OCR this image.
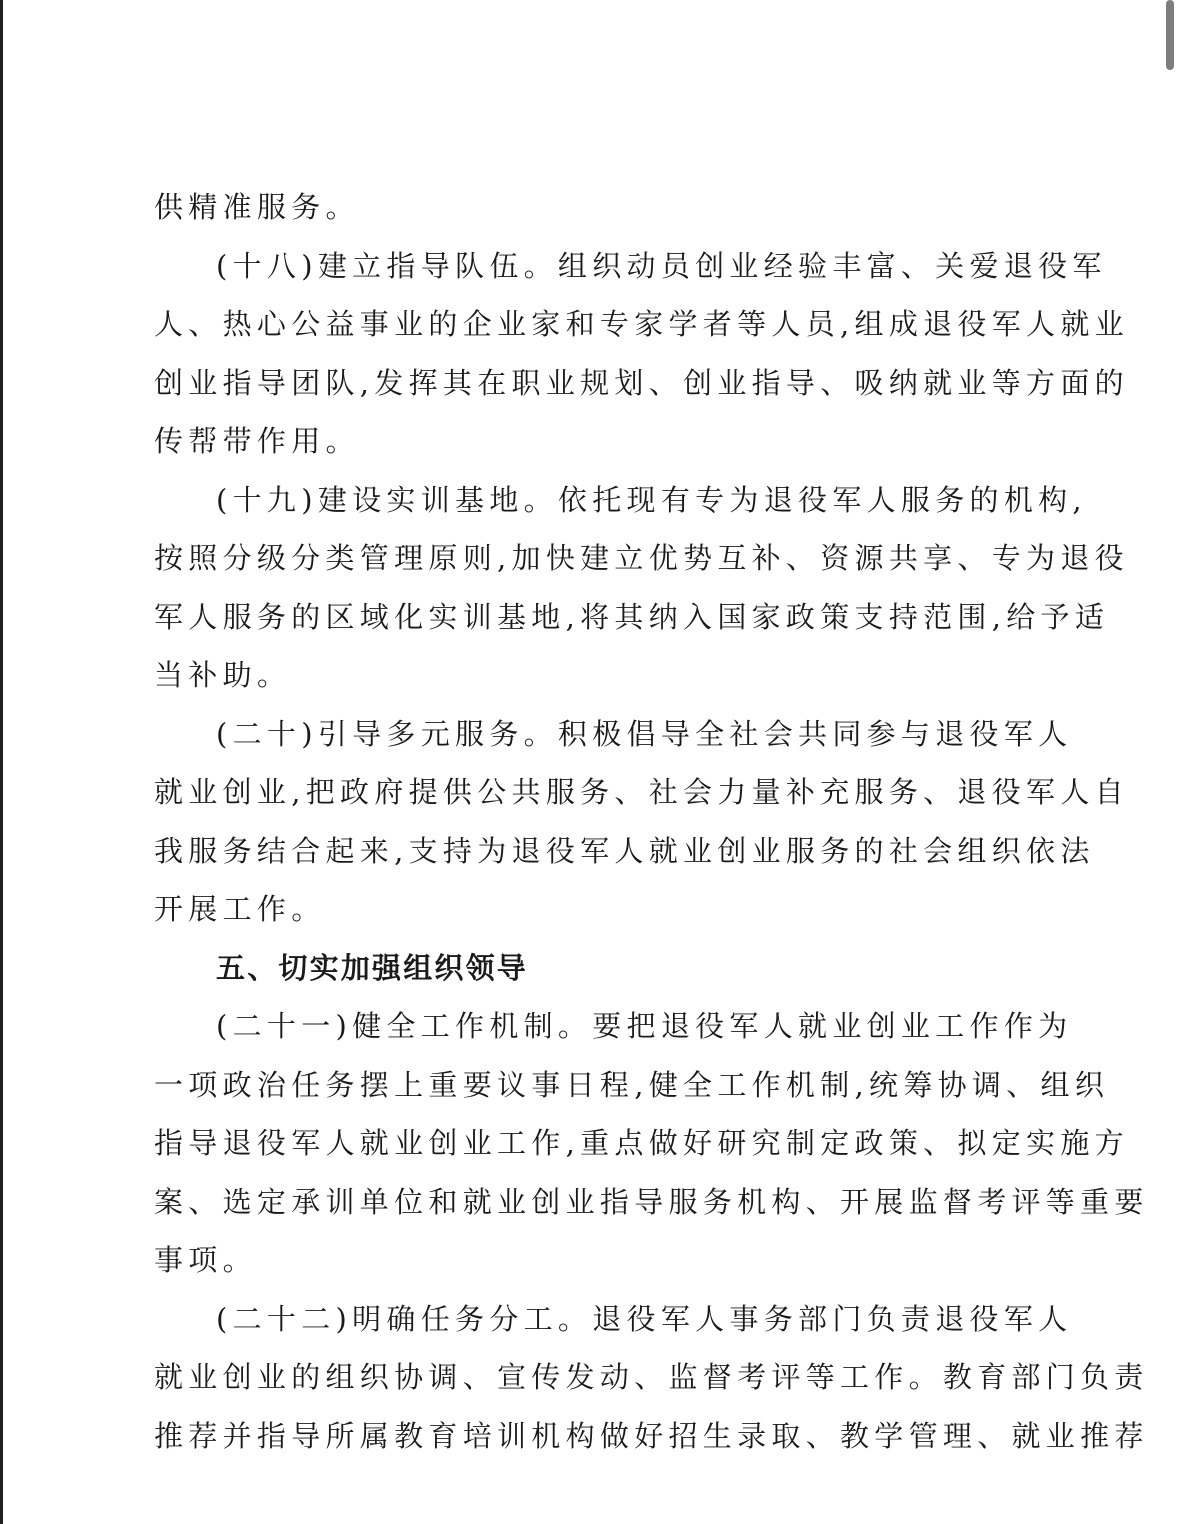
供精准服务。
(十八)建立指导队伍。组织动员创业经验丰富、关爱退役军
人、热心公益事业的企业家和专家学者等人员,组成退役军人就业
创业指导团队,发挥其在职业规划、创业指导、吸纳就业等方面的
传帮带作用。
(十九)建设实训基地。依托现有专为退役军人服务的机构,
按照分级分类管理原则,加快建立优势互补、资源共享、专为退役
军人服务的区域化实训基地,将其纳入国家政策支持范围,给予适
当补助。
(二十)引导多元服务。积极倡导全社会共同参与退役军人
就业创业,把政府提供公共服务、社会力量补充服务、退役军人自
我服务结合起来,支持为退役军人就业创业服务的社会组织依法
开展工作。
五、切实加强组织领导
(二十一)健全工作机制。要把退役军人就业创业工作作为
一项政治任务摆上重要议事日程,健全工作机制,统筹协调、组织
指导退役军人就业创业工作,重点做好研究制定政策、拟定实施方
案、选定承训单位和就业创业指导服务机构、开展监督考评等重要
事项。
(二十二)明确任务分工。退役军人事务部门负责退役军人
就业创业的组织协调、宣传发动、监督考评等工作。教育部门负责
推荐并指导所属教育培训机构做好招生录取、教学管理、就业推荐
